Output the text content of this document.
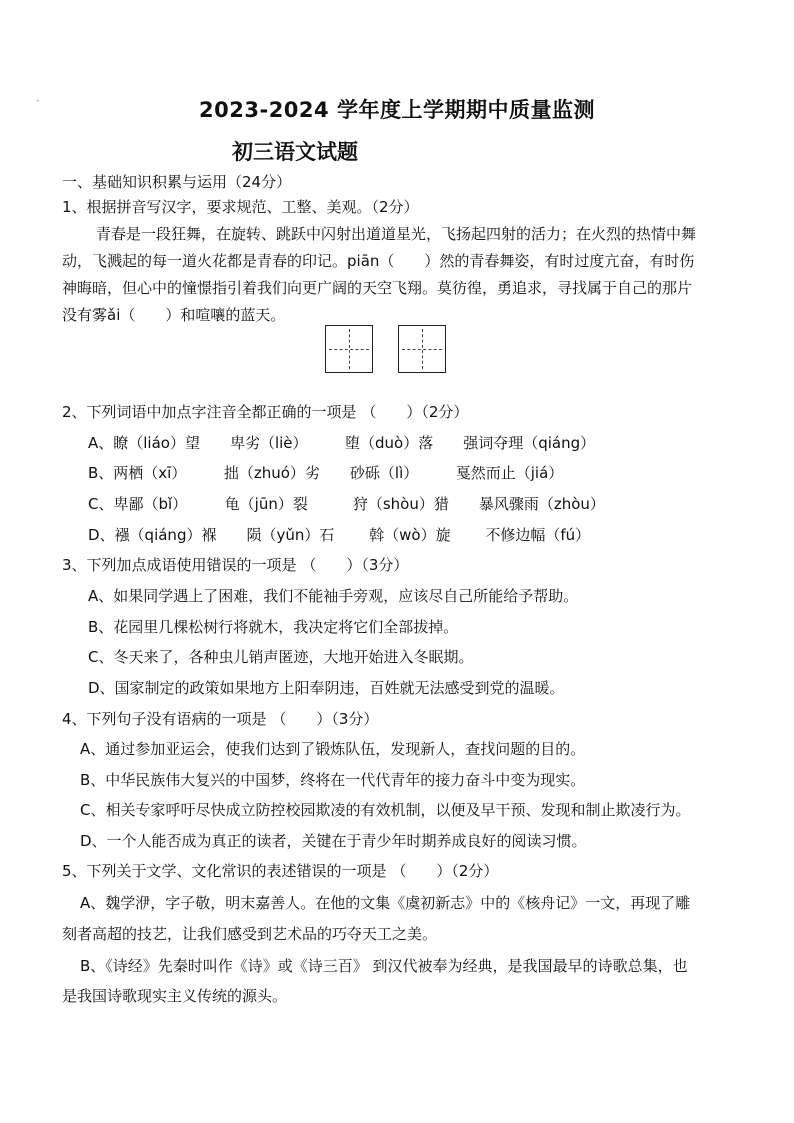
`	2023-2024 学年度上学期期中质量监测
初三语文试题
一、基础知识积累与运用（24分）
1、根据拼音写汉字，要求规范、工整、美观。（2分）
青春是一段狂舞，在旋转、跳跃中闪射出道道星光，飞扬起四射的活力；在火烈的热情中舞
动，飞溅起的每一道火花都是青春的印记。piān（　　）然的青春舞姿，有时过度亢奋，有时伤
神晦暗，但心中的憧憬指引着我们向更广阔的天空飞翔。莫彷徨，勇追求，寻找属于自己的那片
没有雾ǎi（　　）和喧嚷的蓝天。
2、下列词语中加点字注音全都正确的一项是 （　　）（2分）
A、瞭（liáo）望　　卑劣（liè）　　　堕（duò）落　　强词夺理（qiáng）
B、两栖（xī）　　　拙（zhuó）劣　　砂砾（lì）　　　戛然而止（jiá）
C、卑鄙（bǐ）　　　龟（jūn）裂　　　狩（shòu）猎　　暴风骤雨（zhòu）
D、襁（qiáng）褓　　陨（yǔn）石　　 斡（wò）旋　　 不修边幅（fú）
3、下列加点成语使用错误的一项是 （　　）（3分）
A、如果同学遇上了困难，我们不能袖手旁观，应该尽自己所能给予帮助。
B、花园里几棵松树行将就木，我决定将它们全部拔掉。
C、冬天来了，各种虫儿销声匿迹，大地开始进入冬眠期。
D、国家制定的政策如果地方上阳奉阴违，百姓就无法感受到党的温暖。
4、下列句子没有语病的一项是 （　　）（3分）
A、通过参加亚运会，使我们达到了锻炼队伍，发现新人，查找问题的目的。
B、中华民族伟大复兴的中国梦，终将在一代代青年的接力奋斗中变为现实。
C、相关专家呼吁尽快成立防控校园欺凌的有效机制，以便及早干预、发现和制止欺凌行为。
D、一个人能否成为真正的读者，关键在于青少年时期养成良好的阅读习惯。
5、下列关于文学、文化常识的表述错误的一项是 （　　）（2分）
A、魏学洢，字子敬，明末嘉善人。在他的文集《虞初新志》中的《核舟记》一文，再现了雕
刻者高超的技艺，让我们感受到艺术品的巧夺天工之美。
B、《诗经》先秦时叫作《诗》或《诗三百》 到汉代被奉为经典，是我国最早的诗歌总集，也
是我国诗歌现实主义传统的源头。
